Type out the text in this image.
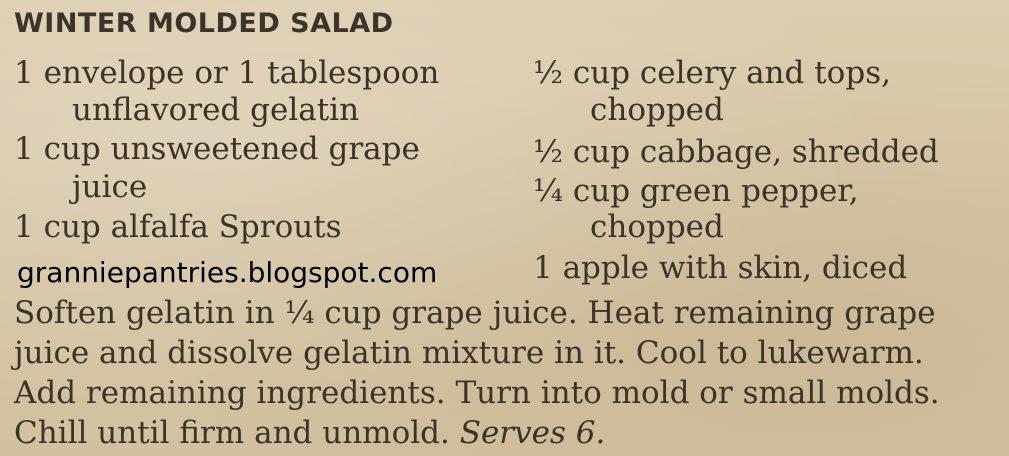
WINTER MOLDED SALAD
1 envelope or 1 tablespoon
unflavored gelatin
1 cup unsweetened grape
juice
1 cup alfalfa Sprouts
½ cup celery and tops,
chopped
½ cup cabbage, shredded
¼ cup green pepper,
chopped
1 apple with skin, diced
granniepantries.blogspot.com
Soften gelatin in ¼ cup grape juice. Heat remaining grape
juice and dissolve gelatin mixture in it. Cool to lukewarm.
Add remaining ingredients. Turn into mold or small molds.
Chill until firm and unmold. Serves 6.
